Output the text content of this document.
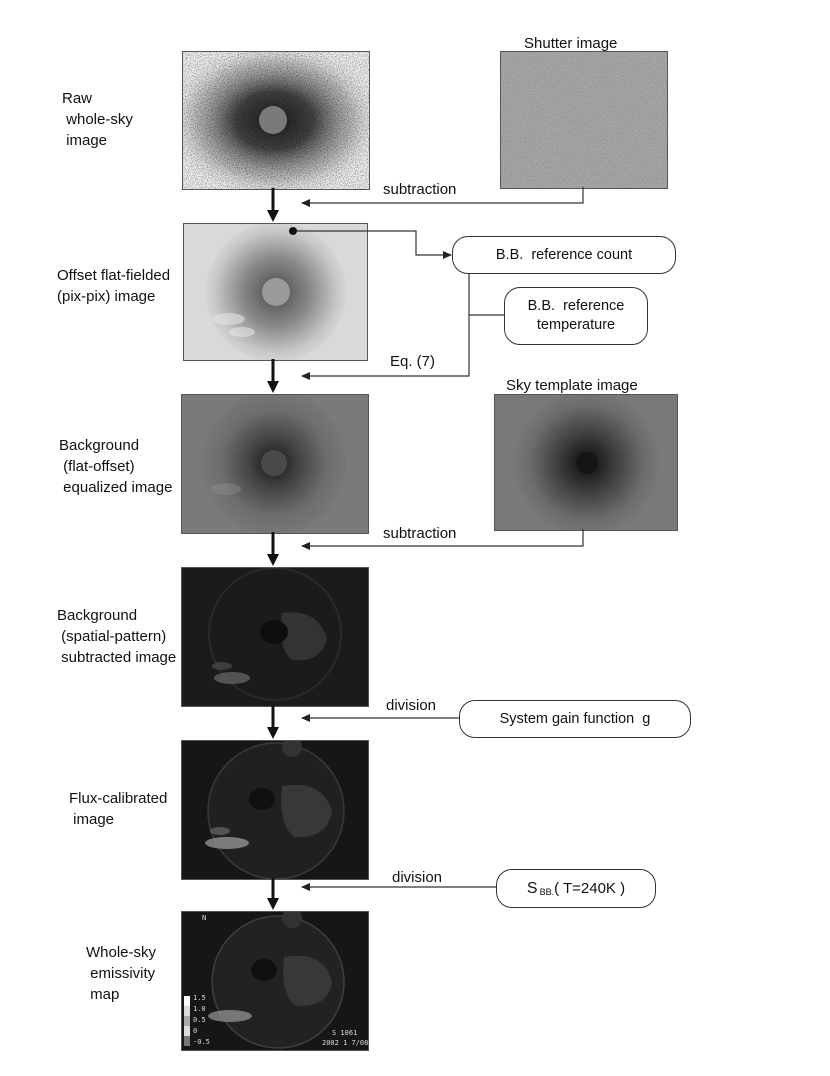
Raw
whole-sky
image
Offset flat-fielded
(pix-pix) image
Background
(flat-offset)
equalized image
Background
(spatial-pattern)
subtracted image
Flux-calibrated
image
Whole-sky
emissivity
map
Shutter image
Sky template image
N
1.5
1.0
0.5
0
-0.5
S 1061
2002 1 7/08
subtraction
Eq. (7)
subtraction
division
division
B.B.  reference count
B.B.  reference
temperature
System gain function  g
S BB. ( T=240K )
